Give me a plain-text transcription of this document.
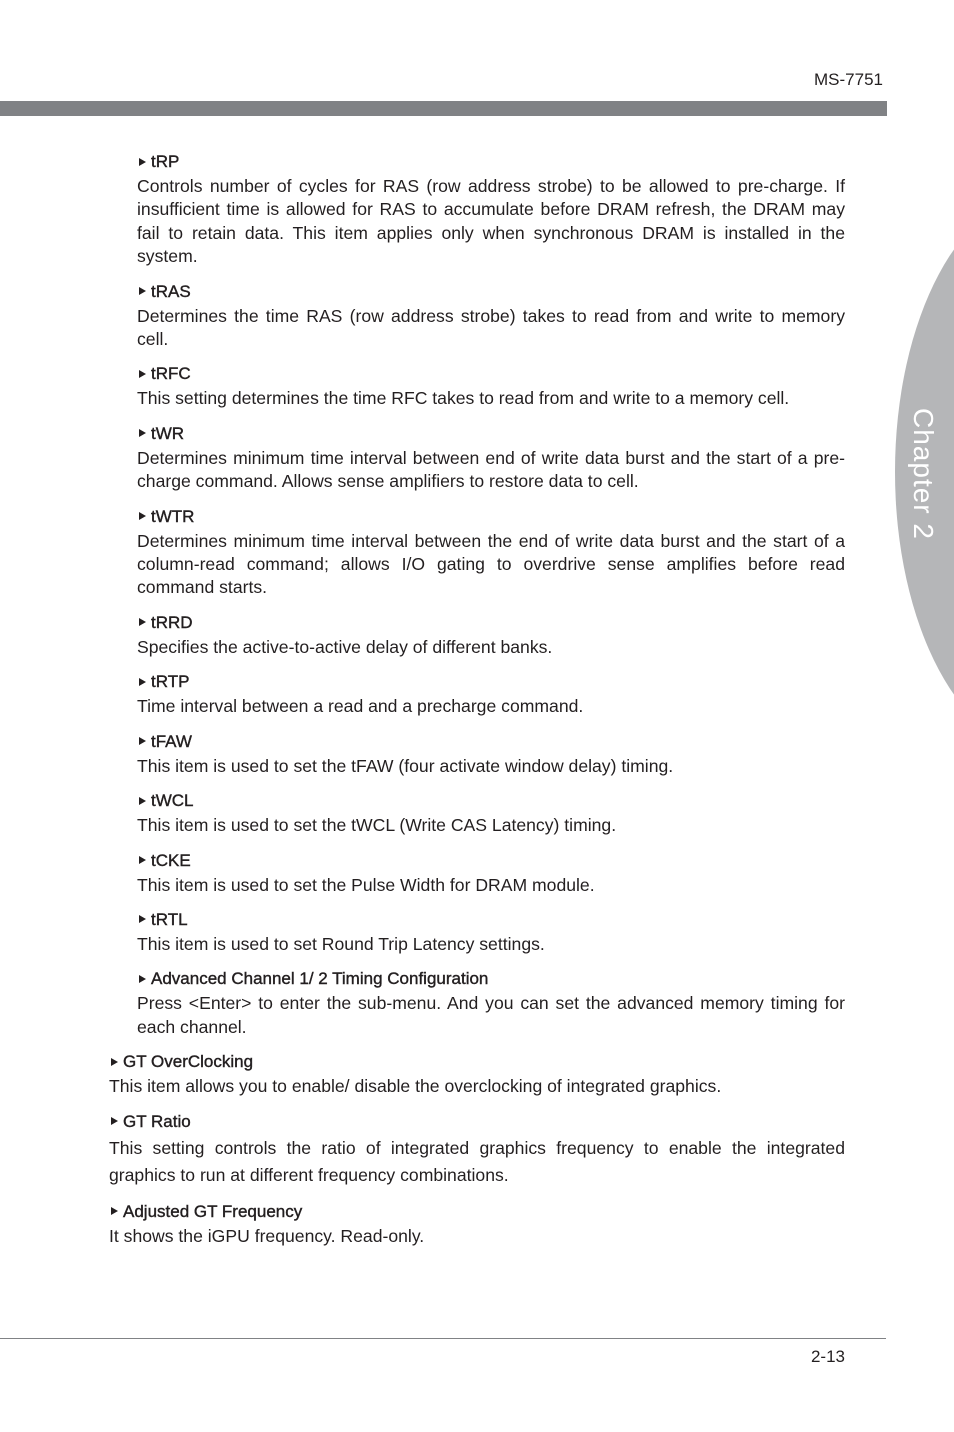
MS-7751
Chapter 2
tRP
Controls number of cycles for RAS (row address strobe) to be allowed to pre-charge. If insufficient time is allowed for RAS to accumulate before DRAM refresh, the DRAM may fail to retain data. This item applies only when synchronous DRAM is installed in the system.
tRAS
Determines the time RAS (row address strobe) takes to read from and write to memory cell.
tRFC
This setting determines the time RFC takes to read from and write to a memory cell.
tWR
Determines minimum time interval between end of write data burst and the start of a pre-charge command. Allows sense amplifiers to restore data to cell.
tWTR
Determines minimum time interval between the end of write data burst and the start of a column-read command; allows I/O gating to overdrive sense amplifies before read command starts.
tRRD
Specifies the active-to-active delay of different banks.
tRTP
Time interval between a read and a precharge command.
tFAW
This item is used to set the tFAW (four activate window delay) timing.
tWCL
This item is used to set the tWCL (Write CAS Latency) timing.
tCKE
This item is used to set the Pulse Width for DRAM module.
tRTL
This item is used to set Round Trip Latency settings.
Advanced Channel 1/ 2 Timing Configuration
Press <Enter> to enter the sub-menu. And you can set the advanced memory timing for each channel.
GT OverClocking
This item allows you to enable/ disable the overclocking of integrated graphics.
GT Ratio
This setting controls the ratio of integrated graphics frequency to enable the integrated graphics to run at different frequency combinations.
Adjusted GT Frequency
It shows the iGPU frequency. Read-only.
2-13
